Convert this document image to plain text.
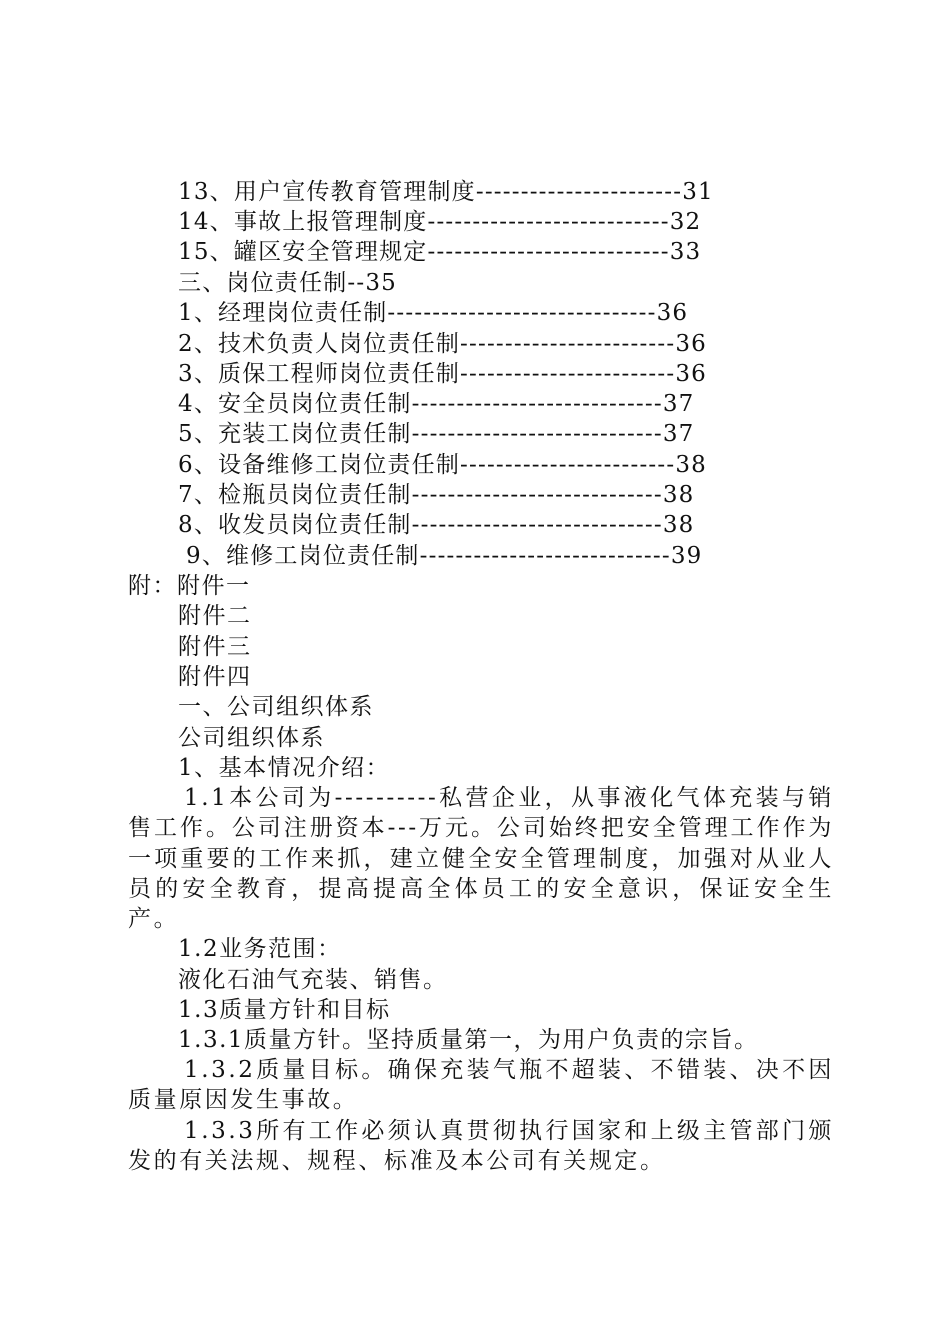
13、用户宣传教育管理制度-----------------------31
14、事故上报管理制度---------------------------32
15、罐区安全管理规定---------------------------33
三、岗位责任制--35
1、经理岗位责任制------------------------------36
2、技术负责人岗位责任制------------------------36
3、质保工程师岗位责任制------------------------36
4、安全员岗位责任制----------------------------37
5、充装工岗位责任制----------------------------37
6、设备维修工岗位责任制------------------------38
7、检瓶员岗位责任制----------------------------38
8、收发员岗位责任制----------------------------38
9、维修工岗位责任制----------------------------39
附：附件一
附件二
附件三
附件四
一、公司组织体系
公司组织体系
1、基本情况介绍：
1.1本公司为----------私营企业，从事液化气体充装与销售工作。公司注册资本---万元。公司始终把安全管理工作作为一项重要的工作来抓，建立健全安全管理制度，加强对从业人员的安全教育，提高提高全体员工的安全意识，保证安全生产。
1.2业务范围：
液化石油气充装、销售。
1.3质量方针和目标
1.3.1质量方针。坚持质量第一，为用户负责的宗旨。
1.3.2质量目标。确保充装气瓶不超装、不错装、决不因质量原因发生事故。
1.3.3所有工作必须认真贯彻执行国家和上级主管部门颁发的有关法规、规程、标准及本公司有关规定。
